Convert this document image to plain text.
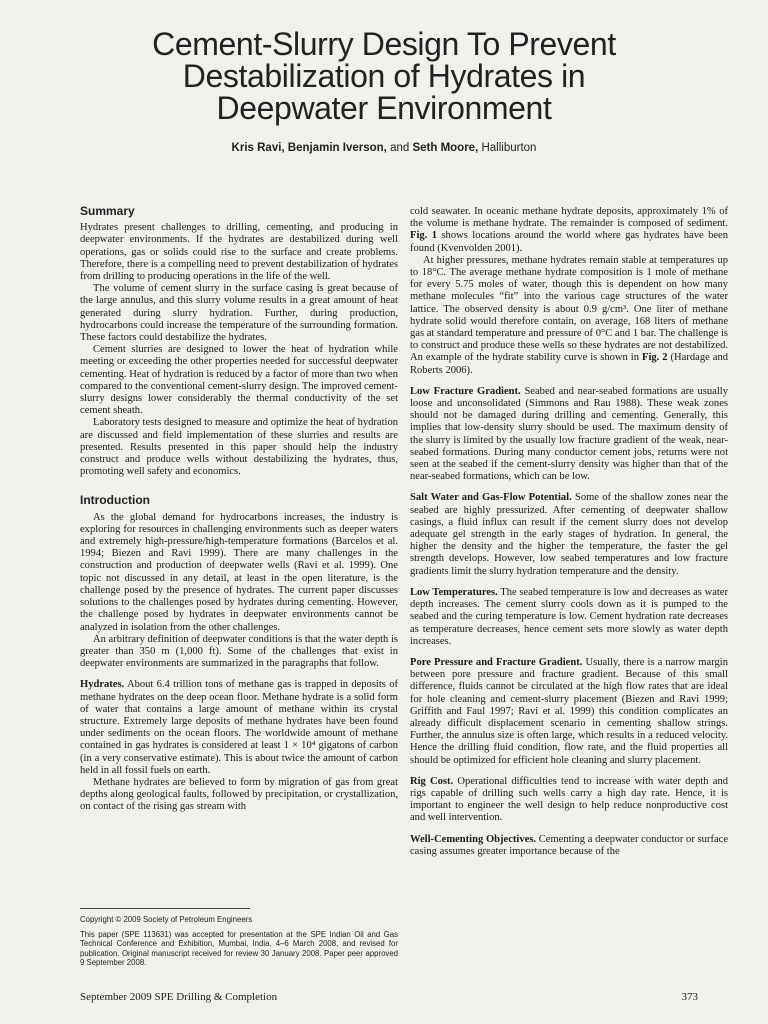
Cement-Slurry Design To Prevent
Destabilization of Hydrates in
Deepwater Environment
Kris Ravi, Benjamin Iverson, and Seth Moore, Halliburton
Summary

Hydrates present challenges to drilling, cementing, and producing in deepwater environments. If the hydrates are destabilized during well operations, gas or solids could rise to the surface and create problems. Therefore, there is a compelling need to prevent destabilization of hydrates from drilling to producing operations in the life of the well.

The volume of cement slurry in the surface casing is great because of the large annulus, and this slurry volume results in a great amount of heat generated during slurry hydration. Further, during production, hydrocarbons could increase the temperature of the surrounding formation. These factors could destabilize the hydrates.

Cement slurries are designed to lower the heat of hydration while meeting or exceeding the other properties needed for successful deepwater cementing. Heat of hydration is reduced by a factor of more than two when compared to the conventional cement-slurry design. The improved cement-slurry designs lower considerably the thermal conductivity of the set cement sheath.

Laboratory tests designed to measure and optimize the heat of hydration are discussed and field implementation of these slurries and results are presented. Results presented in this paper should help the industry construct and produce wells without destabilizing the hydrates, thus, promoting well safety and economics.

Introduction

As the global demand for hydrocarbons increases, the industry is exploring for resources in challenging environments such as deeper waters and extremely high-pressure/high-temperature formations (Barcelos et al. 1994; Biezen and Ravi 1999). There are many challenges in the construction and production of deepwater wells (Ravi et al. 1999). One topic not discussed in any detail, at least in the open literature, is the challenge posed by the presence of hydrates. The current paper discusses solutions to the challenges posed by hydrates during cementing. However, the challenge posed by hydrates in deepwater environments cannot be analyzed in isolation from the other challenges.

An arbitrary definition of deepwater conditions is that the water depth is greater than 350 m (1,000 ft). Some of the challenges that exist in deepwater environments are summarized in the paragraphs that follow.

Hydrates. About 6.4 trillion tons of methane gas is trapped in deposits of methane hydrates on the deep ocean floor. Methane hydrate is a solid form of water that contains a large amount of methane within its crystal structure. Extremely large deposits of methane hydrates have been found under sediments on the ocean floors. The worldwide amount of methane contained in gas hydrates is considered at least 1 × 10⁴ gigatons of carbon (in a very conservative estimate). This is about twice the amount of carbon held in all fossil fuels on earth.

Methane hydrates are believed to form by migration of gas from great depths along geological faults, followed by precipitation, or crystallization, on contact of the rising gas stream with

cold seawater. In oceanic methane hydrate deposits, approximately 1% of the volume is methane hydrate. The remainder is composed of sediment. Fig. 1 shows locations around the world where gas hydrates have been found (Kvenvolden 2001).

At higher pressures, methane hydrates remain stable at temperatures up to 18°C. The average methane hydrate composition is 1 mole of methane for every 5.75 moles of water, though this is dependent on how many methane molecules “fit” into the various cage structures of the water lattice. The observed density is about 0.9 g/cm³. One liter of methane hydrate solid would therefore contain, on average, 168 liters of methane gas at standard temperature and pressure of 0°C and 1 bar. The challenge is to construct and produce these wells so these hydrates are not destabilized. An example of the hydrate stability curve is shown in Fig. 2 (Hardage and Roberts 2006).

Low Fracture Gradient. Seabed and near-seabed formations are usually loose and unconsolidated (Simmons and Rau 1988). These weak zones should not be damaged during drilling and cementing. Generally, this implies that low-density slurry should be used. The maximum density of the slurry is limited by the usually low fracture gradient of the weak, near-seabed formations. During many conductor cement jobs, returns were not seen at the seabed if the cement-slurry density was higher than that of the near-seabed formations, which can be low.

Salt Water and Gas-Flow Potential. Some of the shallow zones near the seabed are highly pressurized. After cementing of deepwater shallow casings, a fluid influx can result if the cement slurry does not develop adequate gel strength in the early stages of hydration. In general, the higher the density and the higher the temperature, the faster the gel strength develops. However, low seabed temperatures and low fracture gradients limit the slurry hydration temperature and the density.

Low Temperatures. The seabed temperature is low and decreases as water depth increases. The cement slurry cools down as it is pumped to the seabed and the curing temperature is low. Cement hydration rate decreases as temperature decreases, hence cement sets more slowly as water depth increases.

Pore Pressure and Fracture Gradient. Usually, there is a narrow margin between pore pressure and fracture gradient. Because of this small difference, fluids cannot be circulated at the high flow rates that are ideal for hole cleaning and cement-slurry placement (Biezen and Ravi 1999; Griffith and Faul 1997; Ravi et al. 1999) this condition complicates an already difficult displacement scenario in cementing shallow strings. Further, the annulus size is often large, which results in a reduced velocity. Hence the drilling fluid condition, flow rate, and the fluid properties all should be optimized for efficient hole cleaning and slurry placement.

Rig Cost. Operational difficulties tend to increase with water depth and rigs capable of drilling such wells carry a high day rate. Hence, it is important to engineer the well design to help reduce nonproductive cost and well intervention.

Well-Cementing Objectives. Cementing a deepwater conductor or surface casing assumes greater importance because of the

Copyright © 2009 Society of Petroleum Engineers

This paper (SPE 113631) was accepted for presentation at the SPE Indian Oil and Gas Technical Conference and Exhibition, Mumbai, India, 4–6 March 2008, and revised for publication. Original manuscript received for review 30 January 2008. Paper peer approved 9 September 2008.

September 2009 SPE Drilling & Completion	373
